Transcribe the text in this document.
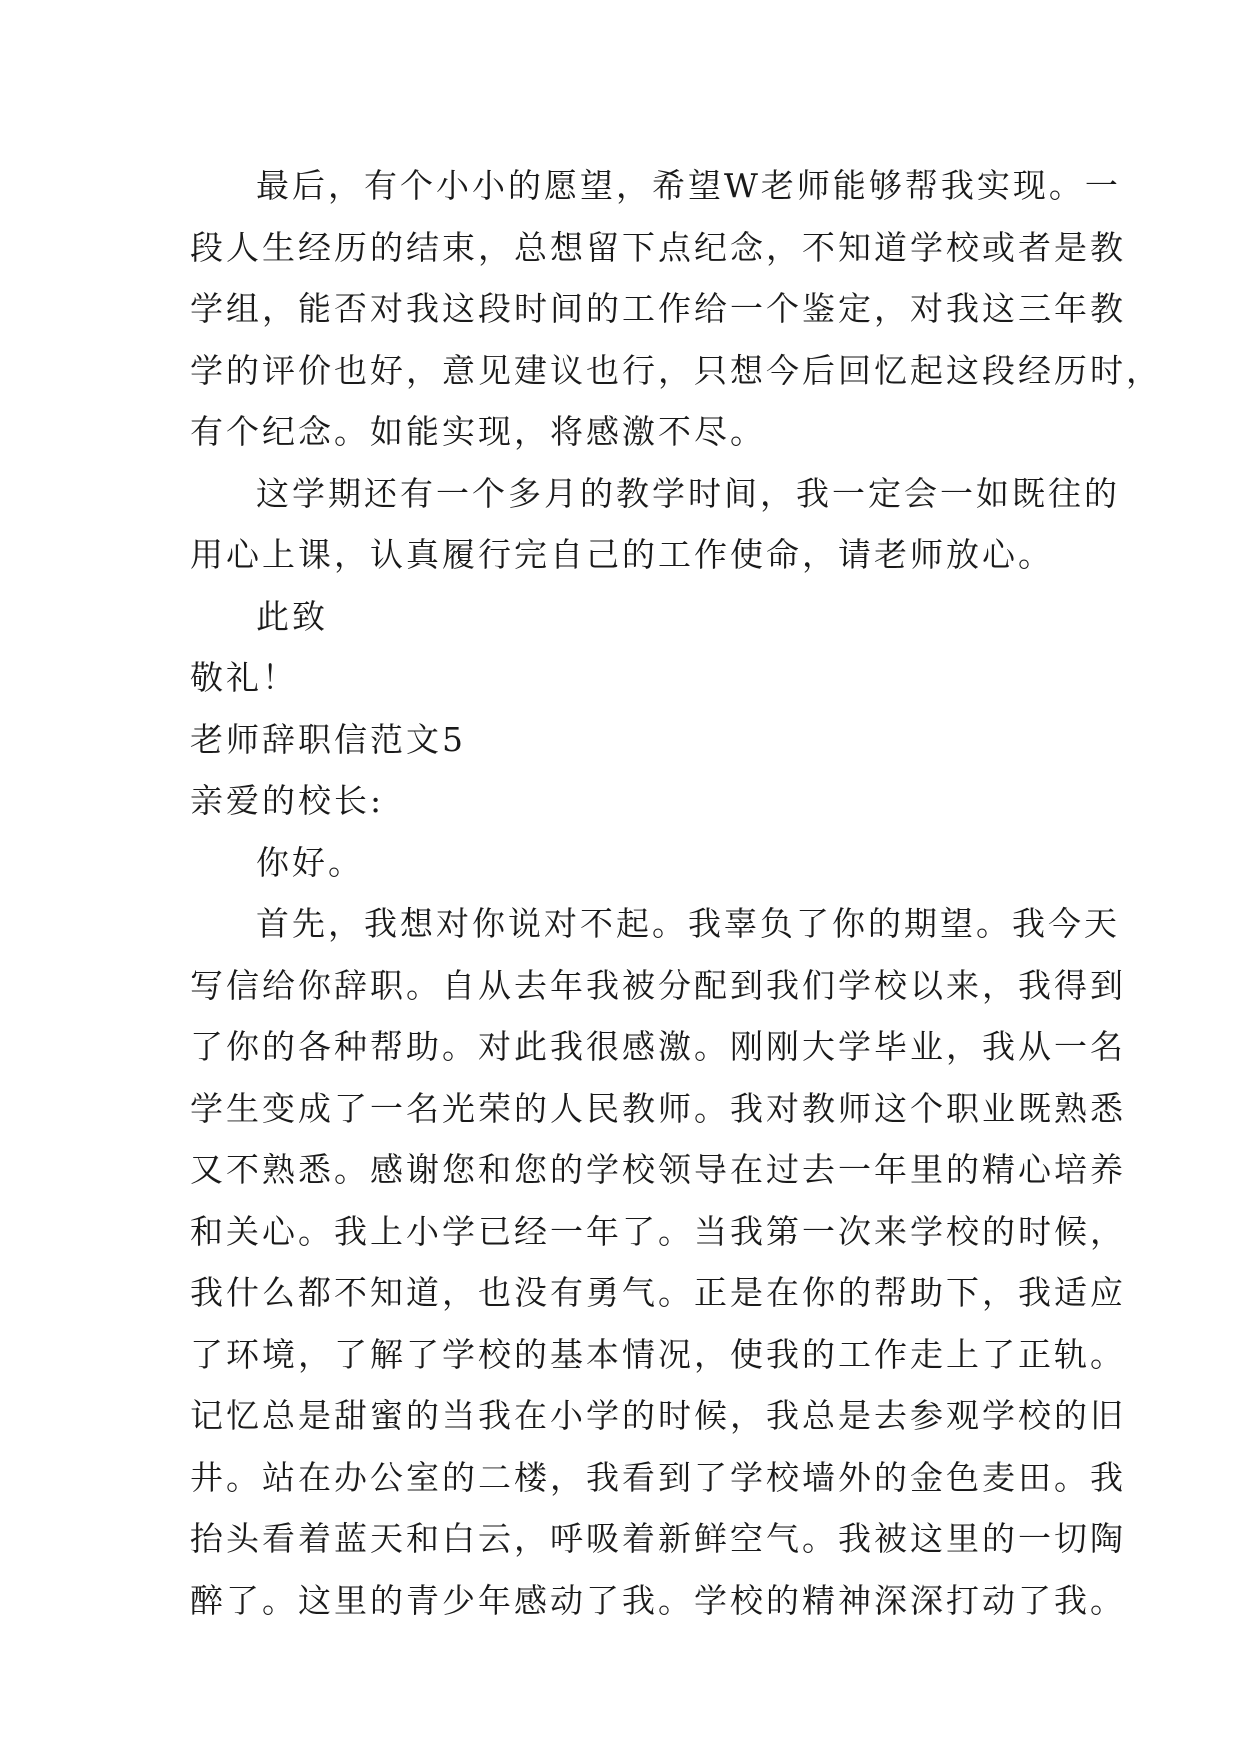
最后，有个小小的愿望，希望W老师能够帮我实现。一
段人生经历的结束，总想留下点纪念，不知道学校或者是教
学组，能否对我这段时间的工作给一个鉴定，对我这三年教
学的评价也好，意见建议也行，只想今后回忆起这段经历时，
有个纪念。如能实现，将感激不尽。
这学期还有一个多月的教学时间，我一定会一如既往的
用心上课，认真履行完自己的工作使命，请老师放心。
此致
敬礼！
老师辞职信范文5
亲爱的校长:
你好。
首先，我想对你说对不起。我辜负了你的期望。我今天
写信给你辞职。自从去年我被分配到我们学校以来，我得到
了你的各种帮助。对此我很感激。刚刚大学毕业，我从一名
学生变成了一名光荣的人民教师。我对教师这个职业既熟悉
又不熟悉。感谢您和您的学校领导在过去一年里的精心培养
和关心。我上小学已经一年了。当我第一次来学校的时候，
我什么都不知道，也没有勇气。正是在你的帮助下，我适应
了环境，了解了学校的基本情况，使我的工作走上了正轨。
记忆总是甜蜜的当我在小学的时候，我总是去参观学校的旧
井。站在办公室的二楼，我看到了学校墙外的金色麦田。我
抬头看着蓝天和白云，呼吸着新鲜空气。我被这里的一切陶
醉了。这里的青少年感动了我。学校的精神深深打动了我。
